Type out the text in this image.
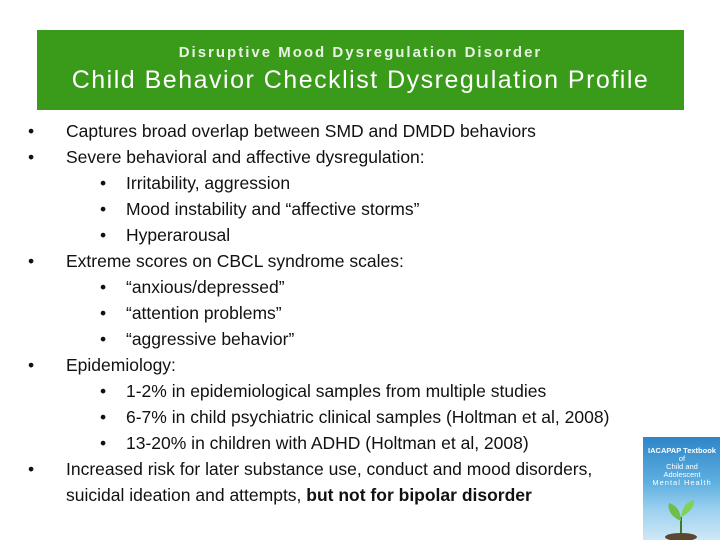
Disruptive Mood Dysregulation Disorder
Child Behavior Checklist Dysregulation Profile
• Captures broad overlap between SMD and DMDD behaviors
• Severe behavioral and affective dysregulation:
• Irritability, aggression
• Mood instability and “affective storms”
• Hyperarousal
• Extreme scores on CBCL syndrome scales:
• “anxious/depressed”
• “attention problems”
• “aggressive behavior”
• Epidemiology:
• 1-2% in epidemiological samples from multiple studies
• 6-7% in child psychiatric clinical samples (Holtman et al, 2008)
• 13-20% in children with ADHD (Holtman et al, 2008)
• Increased risk for later substance use, conduct and mood disorders,
suicidal ideation and attempts, but not for bipolar disorder
IACAPAP Textbook
of
Child and Adolescent
Mental Health
